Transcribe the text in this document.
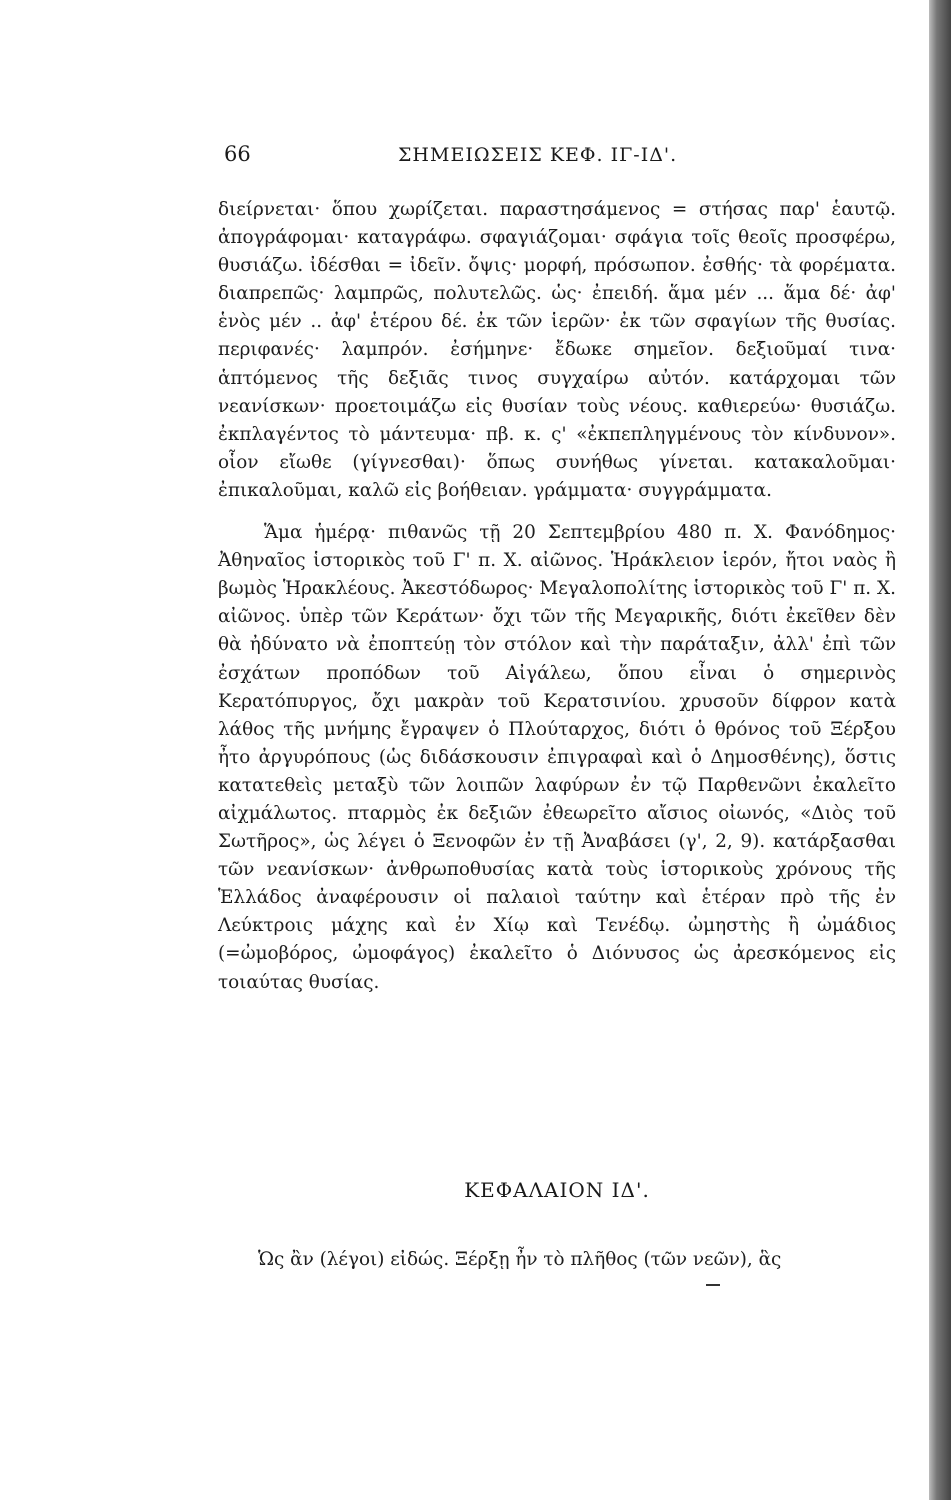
66	ΣΗΜΕΙΩΣΕΙΣ ΚΕΦ. ΙΓ-ΙΔ'.

διείρνεται· ὅπου χωρίζεται. παραστησάμενος = στήσας παρ' ἑαυτῷ. ἀπογράφομαι· καταγράφω. σφαγιάζομαι· σφάγια τοῖς θεοῖς προσφέρω, θυσιάζω. ἰδέσθαι = ἰδεῖν. ὄψις· μορφή, πρόσωπον. ἐσθής· τὰ φορέματα. διαπρεπῶς· λαμπρῶς, πολυτελῶς. ὡς· ἐπειδή. ἅμα μέν ... ἅμα δέ· ἀφ' ἑνὸς μέν .. ἀφ' ἑτέρου δέ. ἐκ τῶν ἱερῶν· ἐκ τῶν σφαγίων τῆς θυσίας. περιφανές· λαμπρόν. ἐσήμηνε· ἔδωκε σημεῖον. δεξιοῦμαί τινα· ἁπτόμενος τῆς δεξιᾶς τινος συγχαίρω αὐτόν. κατάρχομαι τῶν νεανίσκων· προετοιμάζω εἰς θυσίαν τοὺς νέους. καθιερεύω· θυσιάζω. ἐκπλαγέντος τὸ μάντευμα· πβ. κ. ς' «ἐκπεπληγμένους τὸν κίνδυνον». οἷον εἴωθε (γίγνεσθαι)· ὅπως συνήθως γίνεται. κατακαλοῦμαι· ἐπικαλοῦμαι, καλῶ εἰς βοήθειαν. γράμματα· συγγράμματα.

Ἅμα ἡμέρᾳ· πιθανῶς τῇ 20 Σεπτεμβρίου 480 π. Χ. Φανόδημος· Ἀθηναῖος ἱστορικὸς τοῦ Γ' π. Χ. αἰῶνος. Ἡράκλειον ἱερόν, ἤτοι ναὸς ἢ βωμὸς Ἡρακλέους. Ἀκεστόδωρος· Μεγαλοπολίτης ἱστορικὸς τοῦ Γ' π. Χ. αἰῶνος. ὑπὲρ τῶν Κεράτων· ὄχι τῶν τῆς Μεγαρικῆς, διότι ἐκεῖθεν δὲν θὰ ἠδύνατο νὰ ἐποπτεύῃ τὸν στόλον καὶ τὴν παράταξιν, ἀλλ' ἐπὶ τῶν ἐσχάτων προπόδων τοῦ Αἰγάλεω, ὅπου εἶναι ὁ σημερινὸς Κερατόπυργος, ὄχι μακρὰν τοῦ Κερατσινίου. χρυσοῦν δίφρον κατὰ λάθος τῆς μνήμης ἔγραψεν ὁ Πλούταρχος, διότι ὁ θρόνος τοῦ Ξέρξου ἦτο ἀργυρόπους (ὡς διδάσκουσιν ἐπιγραφαὶ καὶ ὁ Δημοσθένης), ὅστις κατατεθεὶς μεταξὺ τῶν λοιπῶν λαφύρων ἐν τῷ Παρθενῶνι ἐκαλεῖτο αἰχμάλωτος. πταρμὸς ἐκ δεξιῶν ἐθεωρεῖτο αἴσιος οἰωνός, «Διὸς τοῦ Σωτῆρος», ὡς λέγει ὁ Ξενοφῶν ἐν τῇ Ἀναβάσει (γ', 2, 9). κατάρξασθαι τῶν νεανίσκων· ἀνθρωποθυσίας κατὰ τοὺς ἱστορικοὺς χρόνους τῆς Ἑλλάδος ἀναφέρουσιν οἱ παλαιοὶ ταύτην καὶ ἑτέραν πρὸ τῆς ἐν Λεύκτροις μάχης καὶ ἐν Χίῳ καὶ Τενέδῳ. ὠμηστὴς ἢ ὠμάδιος (=ὠμοβόρος, ὠμοφάγος) ἐκαλεῖτο ὁ Διόνυσος ὡς ἀρεσκόμενος εἰς τοιαύτας θυσίας.

ΚΕΦΑΛΑΙΟΝ ΙΔ'.
Ὡς ἂν (λέγοι) εἰδώς. Ξέρξῃ ἦν τὸ πλῆθος (τῶν νεῶν), ἃς
